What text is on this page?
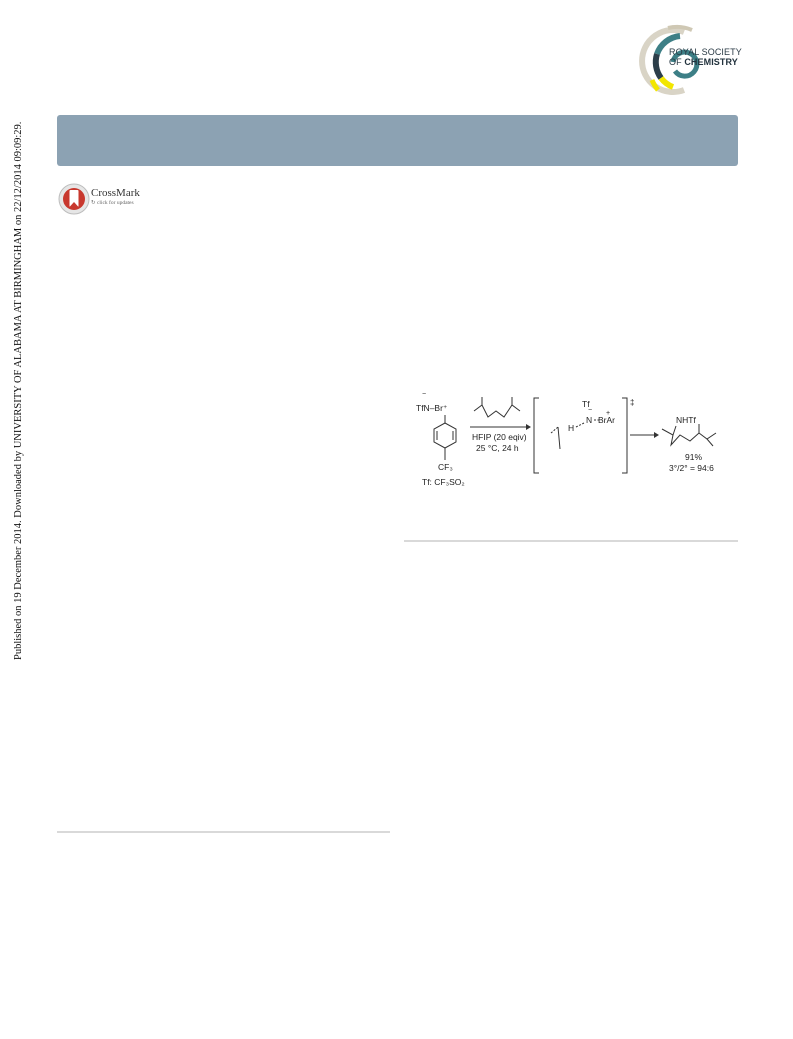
Published on 19 December 2014. Downloaded by UNIVERSITY OF ALABAMA AT BIRMINGHAM on 22/12/2014 09:09:29.
ROYAL SOCIETY
OF CHEMISTRY
CrossMark
↻ click for updates
−
TfN–Br⁺
CF₃
Tf: CF₃SO₂
HFIP (20 eqiv)
25 °C, 24 h
‡
H
Tf
−
N
+
BrAr	NHTf
91%
3°/2° = 94:6
